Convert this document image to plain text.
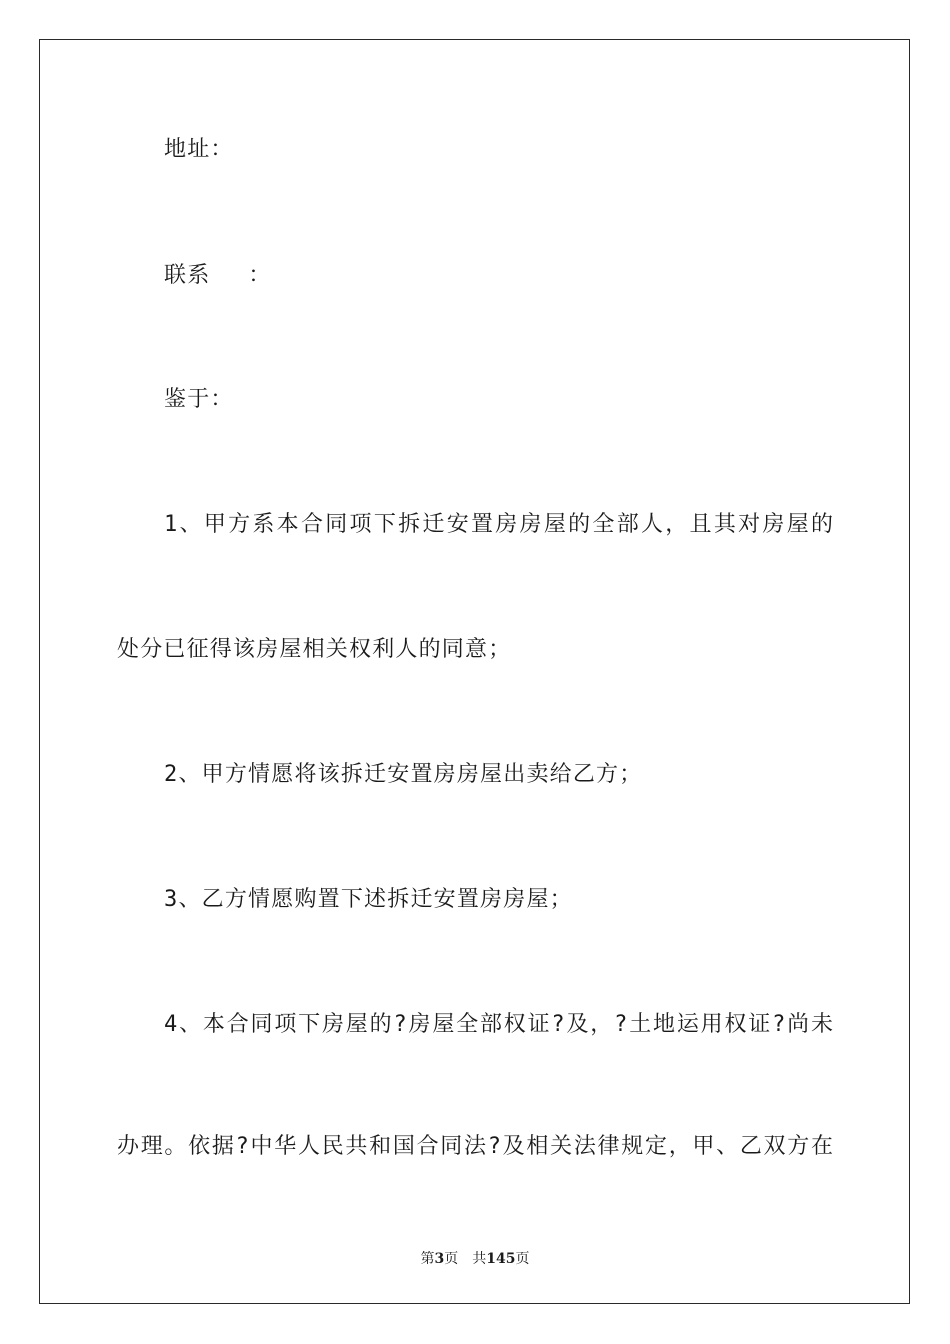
地址：
联系 ：
鉴于：
1、甲方系本合同项下拆迁安置房房屋的全部人，且其对房屋的
处分已征得该房屋相关权利人的同意；
2、甲方情愿将该拆迁安置房房屋出卖给乙方；
3、乙方情愿购置下述拆迁安置房房屋；
4、本合同项下房屋的?房屋全部权证?及，?土地运用权证?尚未
办理。依据?中华人民共和国合同法?及相关法律规定，甲、乙双方在
第3页 共145页
